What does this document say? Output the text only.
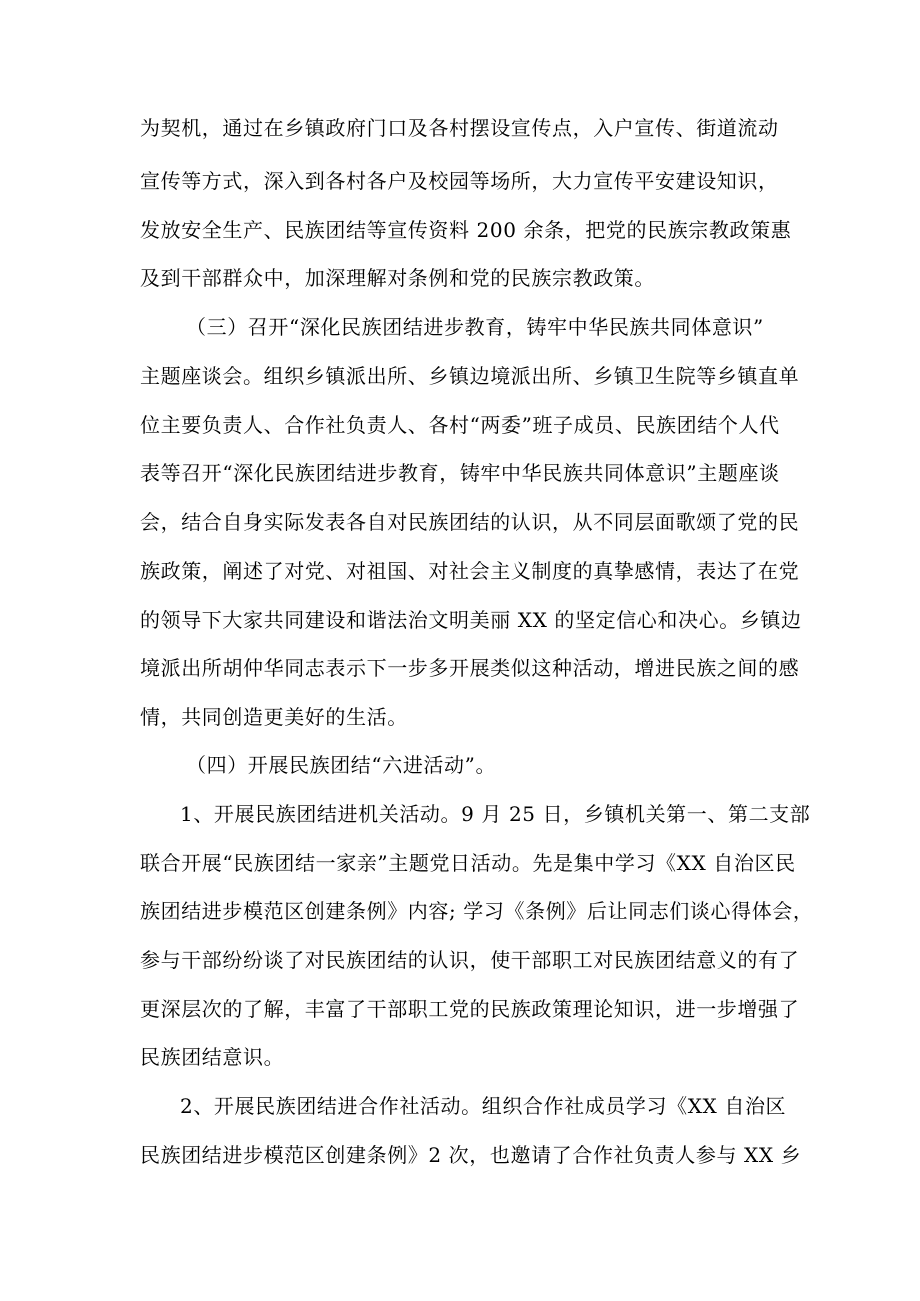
为契机，通过在乡镇政府门口及各村摆设宣传点，入户宣传、街道流动
宣传等方式，深入到各村各户及校园等场所，大力宣传平安建设知识，
发放安全生产、民族团结等宣传资料 200 余条，把党的民族宗教政策惠
及到干部群众中，加深理解对条例和党的民族宗教政策。
（三）召开“深化民族团结进步教育，铸牢中华民族共同体意识”
主题座谈会。组织乡镇派出所、乡镇边境派出所、乡镇卫生院等乡镇直单
位主要负责人、合作社负责人、各村“两委”班子成员、民族团结个人代
表等召开“深化民族团结进步教育，铸牢中华民族共同体意识”主题座谈
会，结合自身实际发表各自对民族团结的认识，从不同层面歌颂了党的民
族政策，阐述了对党、对祖国、对社会主义制度的真挚感情，表达了在党
的领导下大家共同建设和谐法治文明美丽 XX 的坚定信心和决心。乡镇边
境派出所胡仲华同志表示下一步多开展类似这种活动，增进民族之间的感
情，共同创造更美好的生活。
（四）开展民族团结“六进活动”。
1、开展民族团结进机关活动。9 月 25 日，乡镇机关第一、第二支部
联合开展“民族团结一家亲”主题党日活动。先是集中学习《XX 自治区民
族团结进步模范区创建条例》内容; 学习《条例》后让同志们谈心得体会，
参与干部纷纷谈了对民族团结的认识，使干部职工对民族团结意义的有了
更深层次的了解，丰富了干部职工党的民族政策理论知识，进一步增强了
民族团结意识。
2、开展民族团结进合作社活动。组织合作社成员学习《XX 自治区
民族团结进步模范区创建条例》2 次，也邀请了合作社负责人参与 XX 乡
